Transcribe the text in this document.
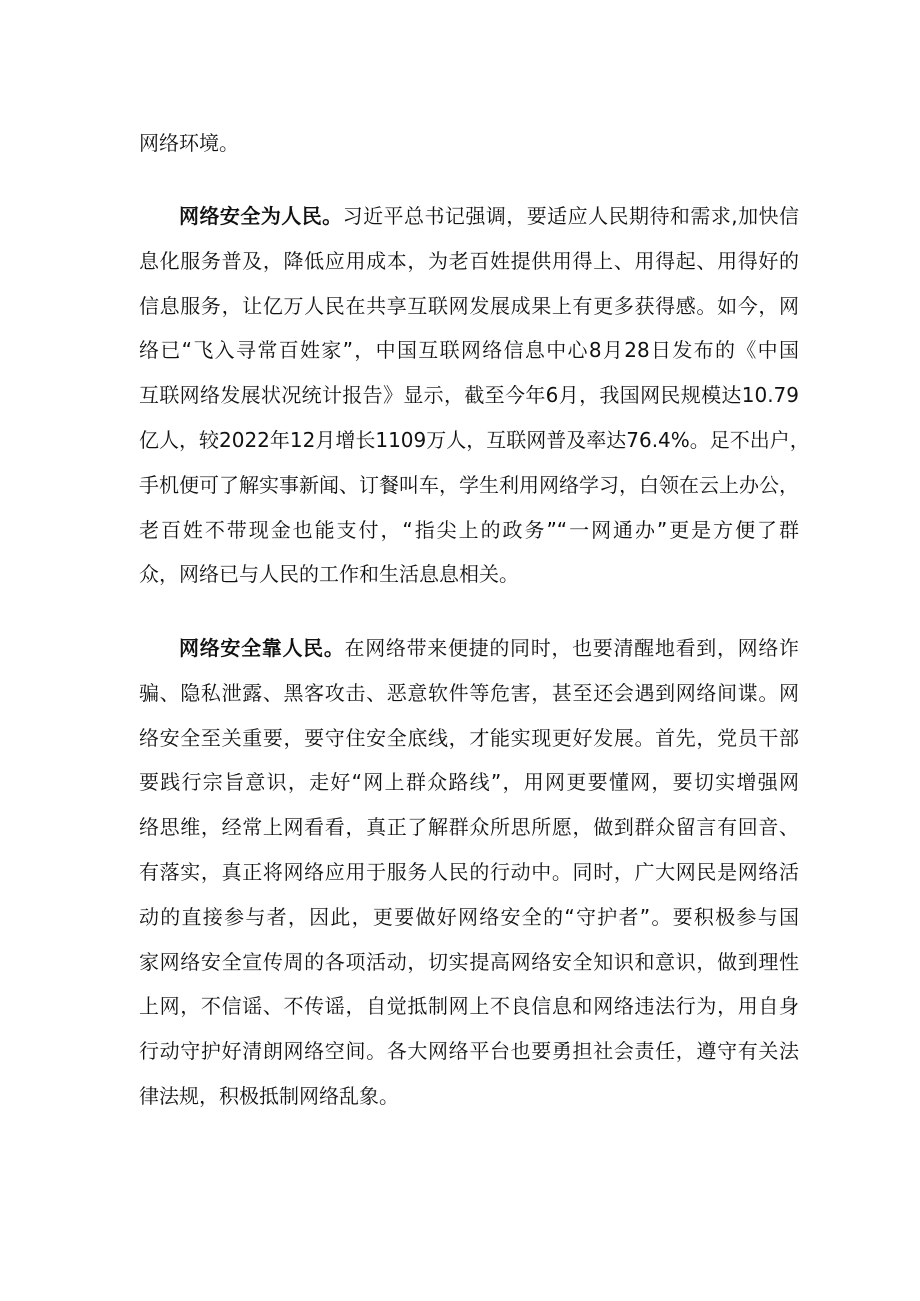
网络环境。
网络安全为人民。习近平总书记强调，要适应人民期待和需求,加快信
息化服务普及，降低应用成本，为老百姓提供用得上、用得起、用得好的
信息服务，让亿万人民在共享互联网发展成果上有更多获得感。如今，网
络已“飞入寻常百姓家”，中国互联网络信息中心8月28日发布的《中国
互联网络发展状况统计报告》显示，截至今年6月，我国网民规模达10.79
亿人，较2022年12月增长1109万人，互联网普及率达76.4%。足不出户，
手机便可了解实事新闻、订餐叫车，学生利用网络学习，白领在云上办公，
老百姓不带现金也能支付，“指尖上的政务”“一网通办”更是方便了群
众，网络已与人民的工作和生活息息相关。
网络安全靠人民。在网络带来便捷的同时，也要清醒地看到，网络诈
骗、隐私泄露、黑客攻击、恶意软件等危害，甚至还会遇到网络间谍。网
络安全至关重要，要守住安全底线，才能实现更好发展。首先，党员干部
要践行宗旨意识，走好“网上群众路线”，用网更要懂网，要切实增强网
络思维，经常上网看看，真正了解群众所思所愿，做到群众留言有回音、
有落实，真正将网络应用于服务人民的行动中。同时，广大网民是网络活
动的直接参与者，因此，更要做好网络安全的“守护者”。要积极参与国
家网络安全宣传周的各项活动，切实提高网络安全知识和意识，做到理性
上网，不信谣、不传谣，自觉抵制网上不良信息和网络违法行为，用自身
行动守护好清朗网络空间。各大网络平台也要勇担社会责任，遵守有关法
律法规，积极抵制网络乱象。
